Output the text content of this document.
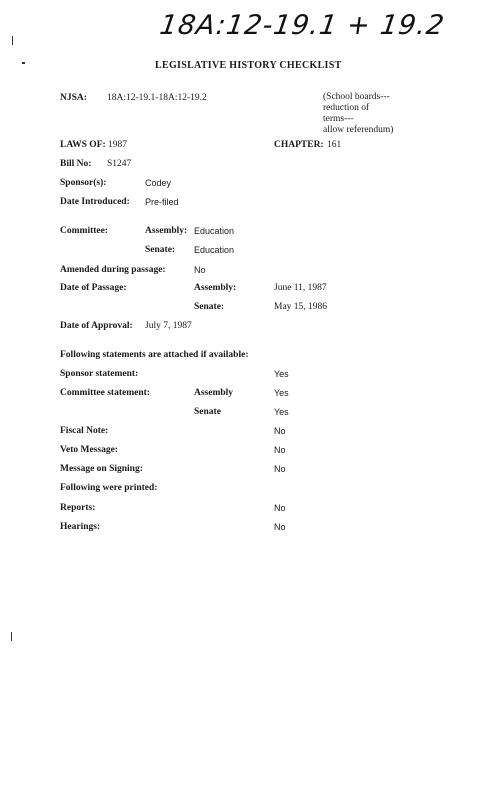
18A:12-19.1 + 19.2
LEGISLATIVE HISTORY CHECKLIST
NJSA: 18A:12-19.1-18A:12-19.2	(School boards---
reduction of
terms---
allow referendum)
LAWS OF: 1987	CHAPTER: 161
Bill No: S1247
Sponsor(s):	Codey
Date Introduced: Pre-filed
Committee:	Assembly: Education
Senate: Education
Amended during passage:	No
Date of Passage:	Assembly:	June 11, 1987
Senate:	May 15, 1986
Date of Approval: July 7, 1987
Following statements are attached if available:
Sponsor statement:	Yes
Committee statement:	Assembly	Yes
Senate	Yes
Fiscal Note:	No
Veto Message:	No
Message on Signing:	No
Following were printed:
Reports:	No
Hearings:	No
